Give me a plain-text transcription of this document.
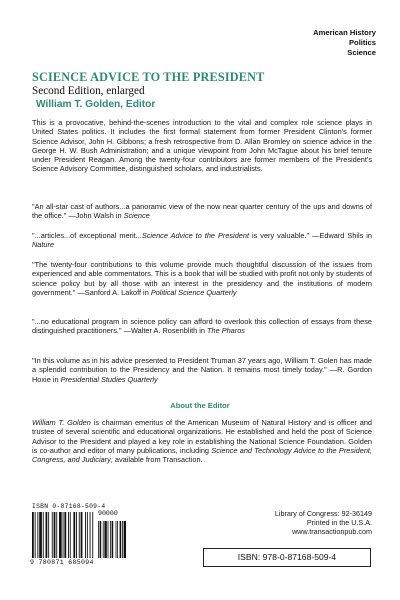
American History
Politics
Science
SCIENCE ADVICE TO THE PRESIDENT
Second Edition, enlarged
William T. Golden, Editor

This is a provocative, behind-the-scenes introduction to the vital and complex role science plays in United States politics. It includes the first formal statement from former President Clinton's former Science Advisor, John H. Gibbons; a fresh retrospective from D. Allan Bromley on science advice in the George H. W. Bush Administration; and a unique viewpoint from John McTague about his brief tenure under President Reagan. Among the twenty-four contributors are former members of the President's Science Advisory Committee, distinguished scholars, and industrialists.

"An all-star cast of authors...a panoramic view of the now near quarter century of the ups and downs of the office." —John Walsh in Science

"...articles...of exceptional merit...Science Advice to the President is very valuable." —Edward Shils in Nature

"The twenty-four contributions to this volume provide much thoughtful discussion of the issues from experienced and able commentators. This is a book that will be studied with profit not only by students of science policy but by all those with an interest in the presidency and the institutions of modern government." —Sanford A. Lakoff in Political Science Quarterly

"...no educational program in science policy can afford to overlook this collection of essays from these distinguished practitioners." —Walter A. Rosenblith in The Pharos

"In this volume as in his advice presented to President Truman 37 years ago, William T. Golen has made a splendid contribution to the Presidency and the Nation. It remains most timely today." —R. Gordon Hoxie in Presidential Studies Quarterly

About the Editor

William T. Golden is chairman emeritus of the American Museum of Natural History and is officer and trustee of several scientific and educational organizations. He established and held the post of Science Advisor to the President and played a key role in establishing the National Science Foundation. Golden is co-author and editor of many publications, including Science and Technology Advice to the President, Congress, and Judiciary, available from Transaction.

ISBN 0-87168-509-4
90000
9 780871 685094
Library of Congress: 92-36149
Printed in the U.S.A.
www.transactionpub.com
ISBN: 978-0-87168-509-4
